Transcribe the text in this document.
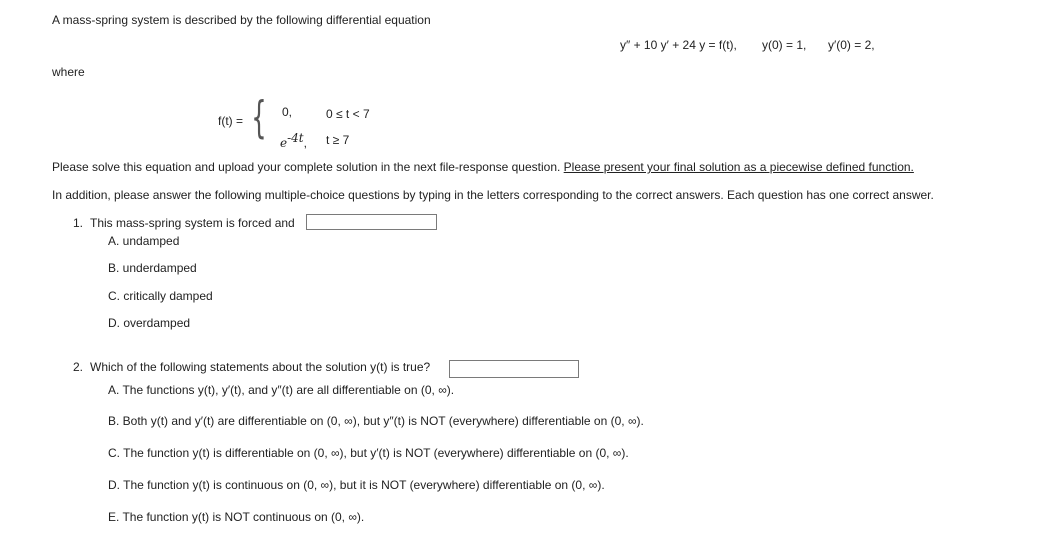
A mass-spring system is described by the following differential equation
y″ + 10 y′ + 24 y = f(t), y(0) = 1, y′(0) = 2,
where
f(t) = { 0,	0 ≤ t < 7
$e^{-4t}$, t ≥ 7
Please solve this equation and upload your complete solution in the next file-response question. Please present your final solution as a piecewise defined function.
In addition, please answer the following multiple-choice questions by typing in the letters corresponding to the correct answers. Each question has one correct answer.
1. This mass-spring system is forced and
A. undamped
B. underdamped
C. critically damped
D. overdamped
2. Which of the following statements about the solution y(t) is true?
A. The functions y(t), y′(t), and y″(t) are all differentiable on (0, ∞).
B. Both y(t) and y′(t) are differentiable on (0, ∞), but y″(t) is NOT (everywhere) differentiable on (0, ∞).
C. The function y(t) is differentiable on (0, ∞), but y′(t) is NOT (everywhere) differentiable on (0, ∞).
D. The function y(t) is continuous on (0, ∞), but it is NOT (everywhere) differentiable on (0, ∞).
E. The function y(t) is NOT continuous on (0, ∞).
